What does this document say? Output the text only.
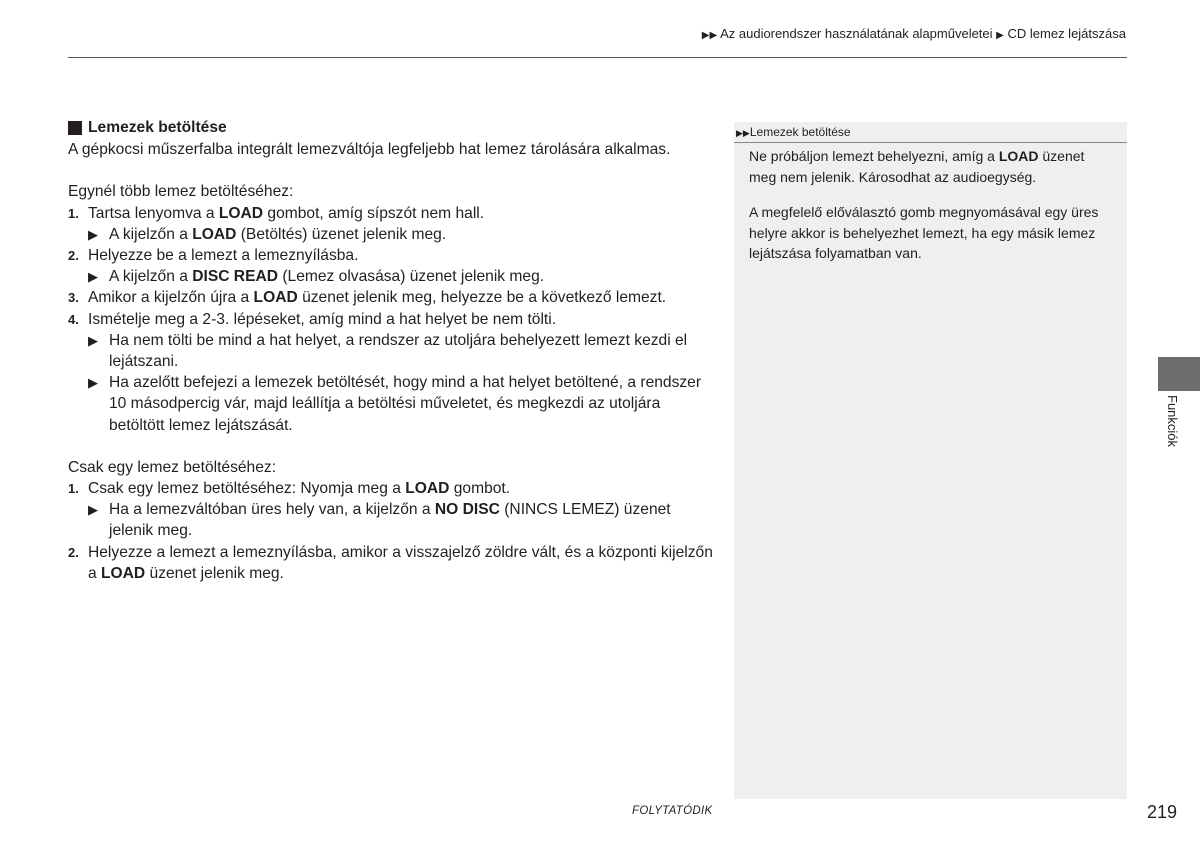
▶▶ Az audiorendszer használatának alapműveletei ▶ CD lemez lejátszása
Lemezek betöltése

A gépkocsi műszerfalba integrált lemezváltója legfeljebb hat lemez tárolására alkalmas.

Egynél több lemez betöltéséhez:

1. Tartsa lenyomva a LOAD gombot, amíg sípszót nem hall.
▶ A kijelzőn a LOAD (Betöltés) üzenet jelenik meg.
2. Helyezze be a lemezt a lemeznyílásba.
▶ A kijelzőn a DISC READ (Lemez olvasása) üzenet jelenik meg.
3. Amikor a kijelzőn újra a LOAD üzenet jelenik meg, helyezze be a következő lemezt.
4. Ismételje meg a 2-3. lépéseket, amíg mind a hat helyet be nem tölti.
▶ Ha nem tölti be mind a hat helyet, a rendszer az utoljára behelyezett lemezt kezdi el lejátszani.
▶ Ha azelőtt befejezi a lemezek betöltését, hogy mind a hat helyet betöltené, a rendszer 10 másodpercig vár, majd leállítja a betöltési műveletet, és megkezdi az utoljára betöltött lemez lejátszását.

Csak egy lemez betöltéséhez:

1. Csak egy lemez betöltéséhez: Nyomja meg a LOAD gombot.
▶ Ha a lemezváltóban üres hely van, a kijelzőn a NO DISC (NINCS LEMEZ) üzenet jelenik meg.
2. Helyezze a lemezt a lemeznyílásba, amikor a visszajelző zöldre vált, és a központi kijelzőn a LOAD üzenet jelenik meg.
▶▶Lemezek betöltése

Ne próbáljon lemezt behelyezni, amíg a LOAD üzenet meg nem jelenik. Károsodhat az audioegység.

A megfelelő előválasztó gomb megnyomásával egy üres helyre akkor is behelyezhet lemezt, ha egy másik lemez lejátszása folyamatban van.

Funkciók
FOLYTATÓDIK	219
